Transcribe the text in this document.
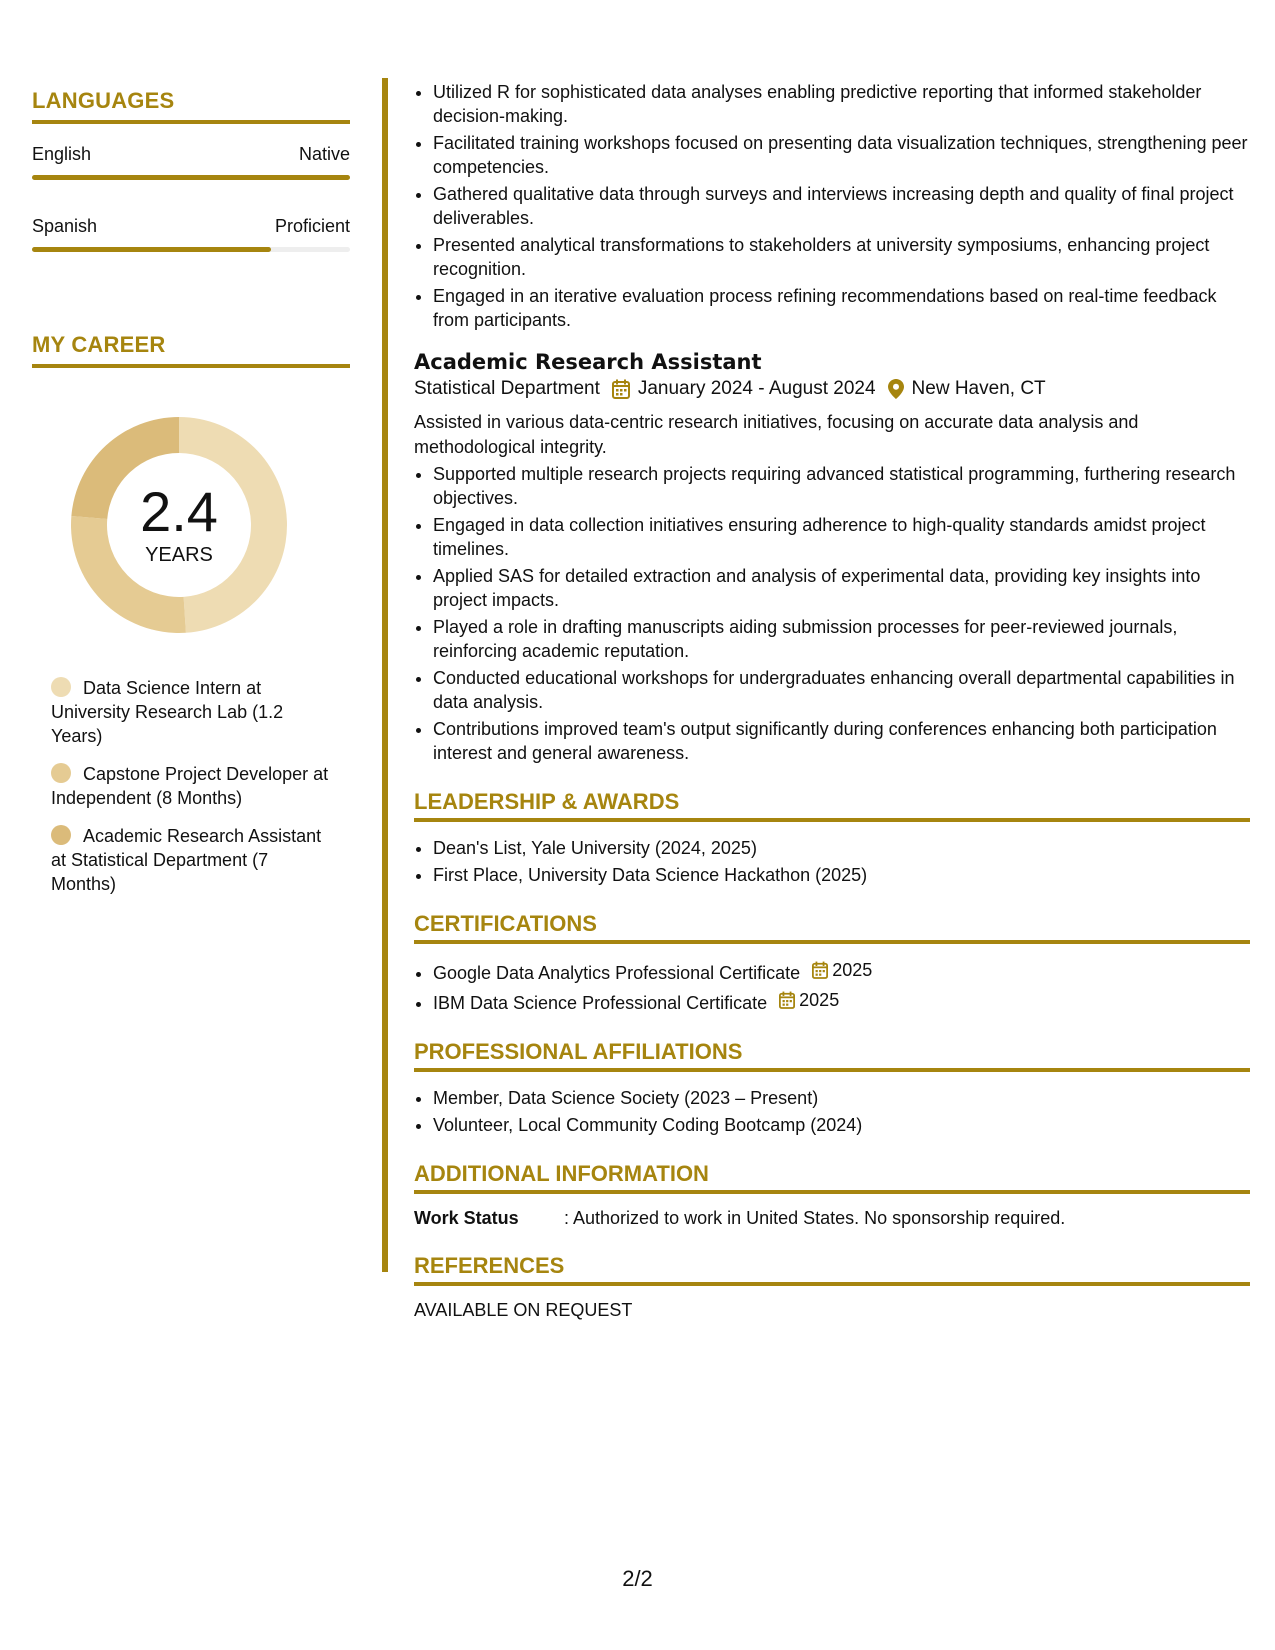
LANGUAGES
English	Native
Spanish	Proficient
MY CAREER
2.4
YEARS
Data Science Intern at University Research Lab (1.2 Years)
Capstone Project Developer at Independent (8 Months)
Academic Research Assistant at Statistical Department (7 Months)
• Utilized R for sophisticated data analyses enabling predictive reporting that informed stakeholder decision-making.
• Facilitated training workshops focused on presenting data visualization techniques, strengthening peer competencies.
• Gathered qualitative data through surveys and interviews increasing depth and quality of final project deliverables.
• Presented analytical transformations to stakeholders at university symposiums, enhancing project recognition.
• Engaged in an iterative evaluation process refining recommendations based on real-time feedback from participants.
Academic Research Assistant
Statistical Department January 2024 - August 2024 New Haven, CT

Assisted in various data-centric research initiatives, focusing on accurate data analysis and methodological integrity.

• Supported multiple research projects requiring advanced statistical programming, furthering research objectives.
• Engaged in data collection initiatives ensuring adherence to high-quality standards amidst project timelines.
• Applied SAS for detailed extraction and analysis of experimental data, providing key insights into project impacts.
• Played a role in drafting manuscripts aiding submission processes for peer-reviewed journals, reinforcing academic reputation.
• Conducted educational workshops for undergraduates enhancing overall departmental capabilities in data analysis.
• Contributions improved team's output significantly during conferences enhancing both participation interest and general awareness.
LEADERSHIP & AWARDS
• Dean's List, Yale University (2024, 2025)
• First Place, University Data Science Hackathon (2025)
CERTIFICATIONS
• Google Data Analytics Professional Certificate 2025
• IBM Data Science Professional Certificate 2025
PROFESSIONAL AFFILIATIONS
• Member, Data Science Society (2023 – Present)
• Volunteer, Local Community Coding Bootcamp (2024)
ADDITIONAL INFORMATION
Work Status	: Authorized to work in United States. No sponsorship required.
REFERENCES
AVAILABLE ON REQUEST
2/2
